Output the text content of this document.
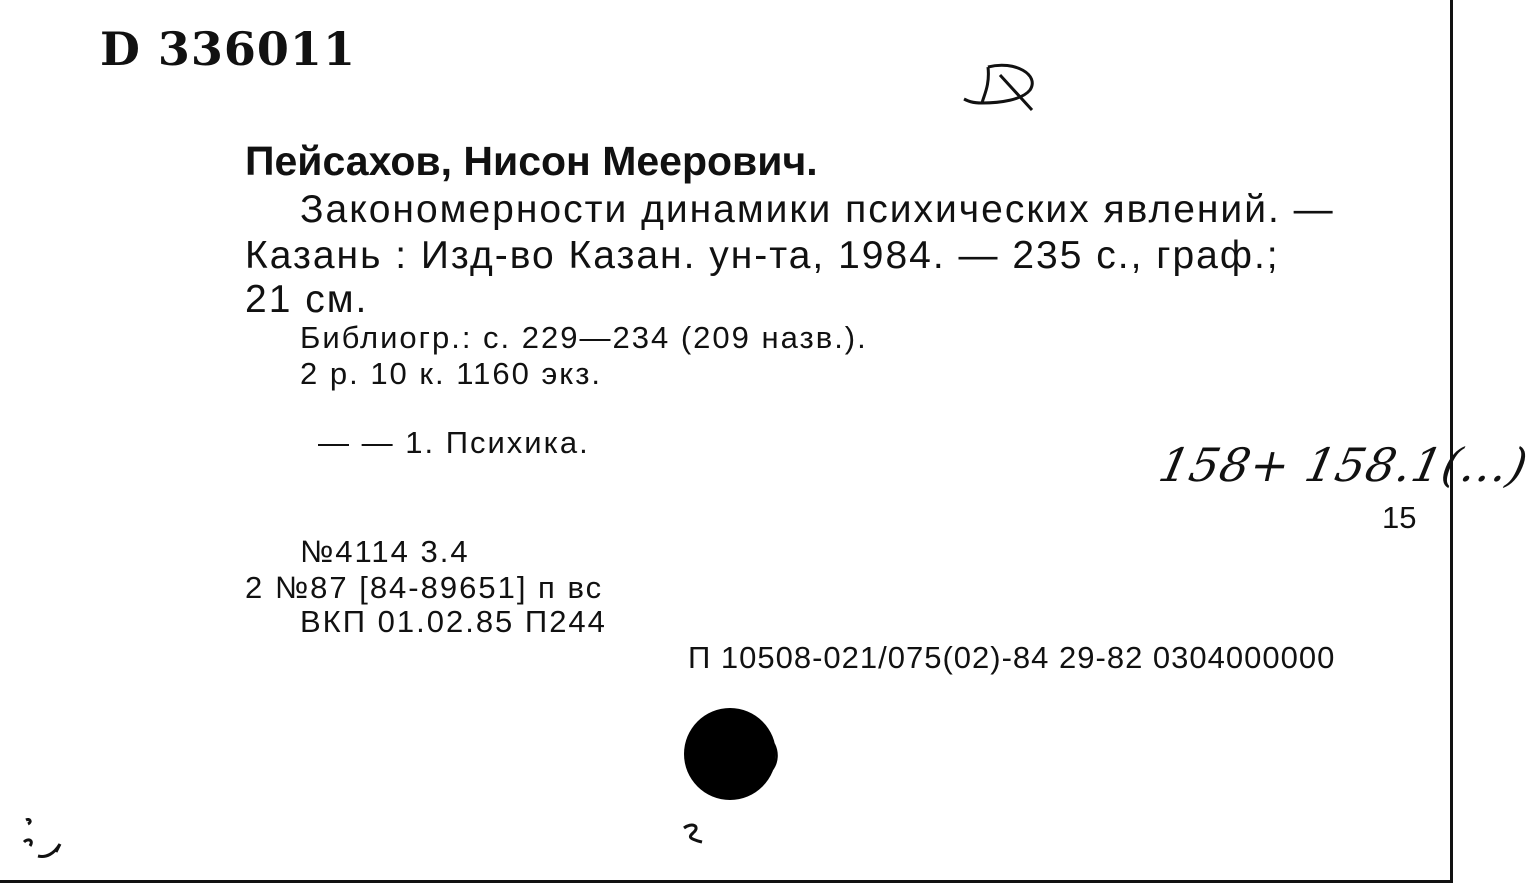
D 336011
Пейсахов, Нисон Меерович.
Закономерности динамики психических явлений. —
Казань : Изд-во Казан. ун-та, 1984. — 235 с., граф.;
21 см.
Библиогр.: с. 229—234 (209 назв.).
2 р. 10 к. 1160 экз.
— — 1. Психика.	158+ 158.1(...)
15
№4114 3.4
2 №87 [84-89651] п вс
ВКП 01.02.85 П244
П 10508-021/075(02)-84 29-82 0304000000
